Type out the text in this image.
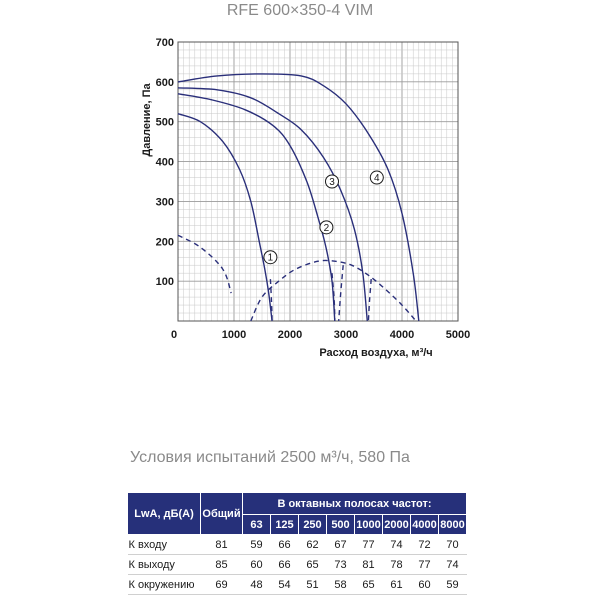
RFE 600×350-4 VIM
100
200
300
400
500
600
700
0	1000	2000	3000	4000	5000
1
2
3	4
Давление, Па
Расход воздуха, м³/ч
Условия испытаний 2500 м³/ч, 580 Па
LwA, дБ(A)	Общий	В октавных полосах частот:							
		63	125	250	500	1000	2000	4000	8000
К входу	81	59	66	62	67	77	74	72	70
К выходу	85	60	66	65	73	81	78	77	74
К окружению	69	48	54	51	58	65	61	60	59
